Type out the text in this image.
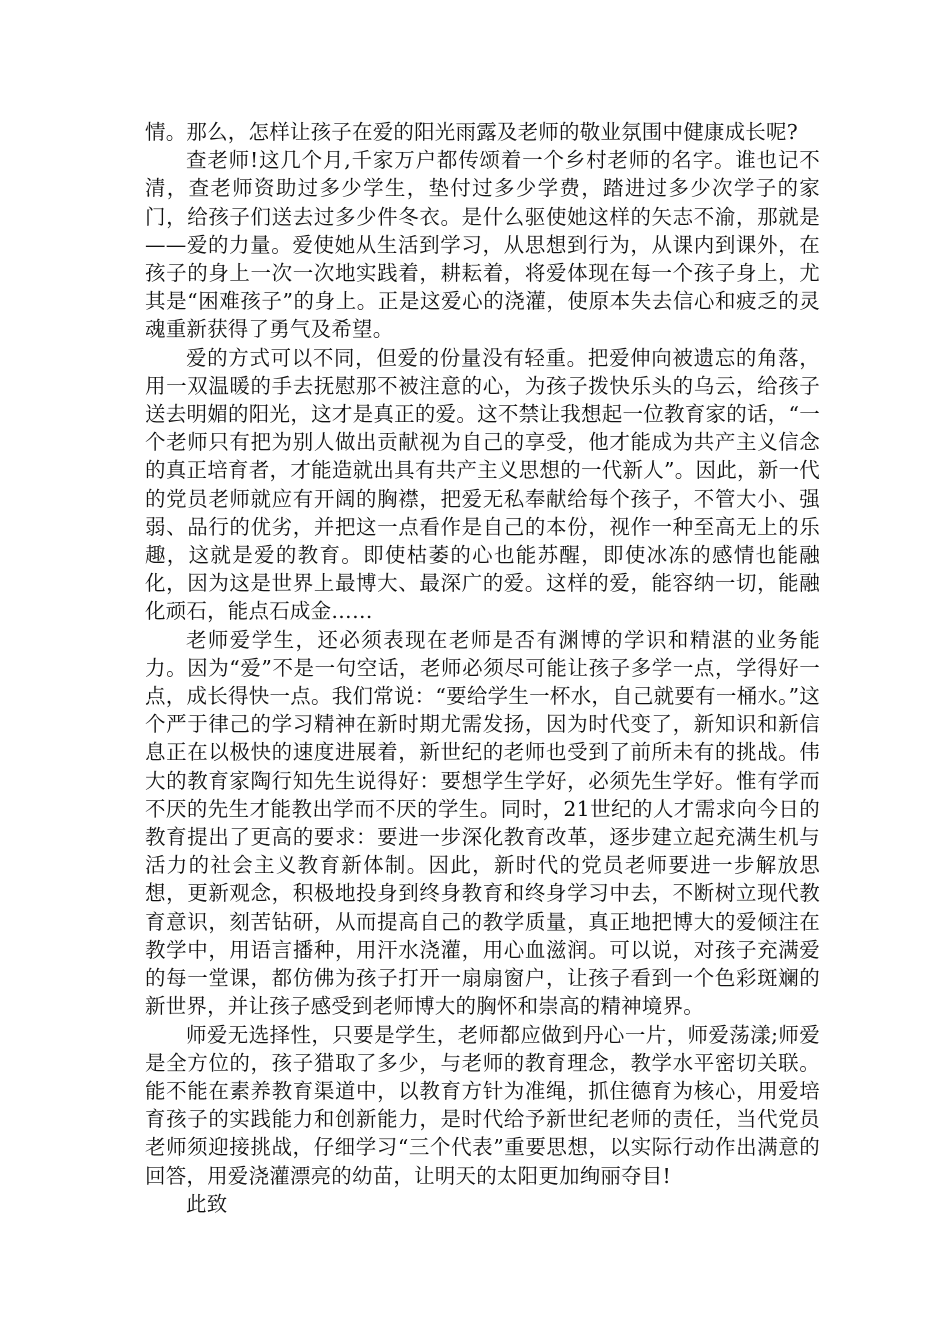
情。那么，怎样让孩子在爱的阳光雨露及老师的敬业氛围中健康成长呢?

查老师!这几个月,千家万户都传颂着一个乡村老师的名字。谁也记不清，查老师资助过多少学生，垫付过多少学费，踏进过多少次学子的家门，给孩子们送去过多少件冬衣。是什么驱使她这样的矢志不渝，那就是——爱的力量。爱使她从生活到学习，从思想到行为，从课内到课外，在孩子的身上一次一次地实践着，耕耘着，将爱体现在每一个孩子身上，尤其是“困难孩子”的身上。正是这爱心的浇灌，使原本失去信心和疲乏的灵魂重新获得了勇气及希望。

爱的方式可以不同，但爱的份量没有轻重。把爱伸向被遗忘的角落，用一双温暖的手去抚慰那不被注意的心，为孩子拨快乐头的乌云，给孩子送去明媚的阳光，这才是真正的爱。这不禁让我想起一位教育家的话，“一个老师只有把为别人做出贡献视为自己的享受，他才能成为共产主义信念的真正培育者，才能造就出具有共产主义思想的一代新人”。因此，新一代的党员老师就应有开阔的胸襟，把爱无私奉献给每个孩子，不管大小、强弱、品行的优劣，并把这一点看作是自己的本份，视作一种至高无上的乐趣，这就是爱的教育。即使枯萎的心也能苏醒，即使冰冻的感情也能融化，因为这是世界上最博大、最深广的爱。这样的爱，能容纳一切，能融化顽石，能点石成金……

老师爱学生，还必须表现在老师是否有渊博的学识和精湛的业务能力。因为“爱”不是一句空话，老师必须尽可能让孩子多学一点，学得好一点，成长得快一点。我们常说：“要给学生一杯水，自己就要有一桶水。”这个严于律己的学习精神在新时期尤需发扬，因为时代变了，新知识和新信息正在以极快的速度进展着，新世纪的老师也受到了前所未有的挑战。伟大的教育家陶行知先生说得好：要想学生学好，必须先生学好。惟有学而不厌的先生才能教出学而不厌的学生。同时，21世纪的人才需求向今日的教育提出了更高的要求：要进一步深化教育改革，逐步建立起充满生机与活力的社会主义教育新体制。因此，新时代的党员老师要进一步解放思想，更新观念，积极地投身到终身教育和终身学习中去，不断树立现代教育意识，刻苦钻研，从而提高自己的教学质量，真正地把博大的爱倾注在教学中，用语言播种，用汗水浇灌，用心血滋润。可以说，对孩子充满爱的每一堂课，都仿佛为孩子打开一扇扇窗户，让孩子看到一个色彩斑斓的新世界，并让孩子感受到老师博大的胸怀和崇高的精神境界。

师爱无选择性，只要是学生，老师都应做到丹心一片，师爱荡漾;师爱是全方位的，孩子猎取了多少，与老师的教育理念，教学水平密切关联。能不能在素养教育渠道中，以教育方针为准绳，抓住德育为核心，用爱培育孩子的实践能力和创新能力，是时代给予新世纪老师的责任，当代党员老师须迎接挑战，仔细学习“三个代表”重要思想，以实际行动作出满意的回答，用爱浇灌漂亮的幼苗，让明天的太阳更加绚丽夺目!

此致
